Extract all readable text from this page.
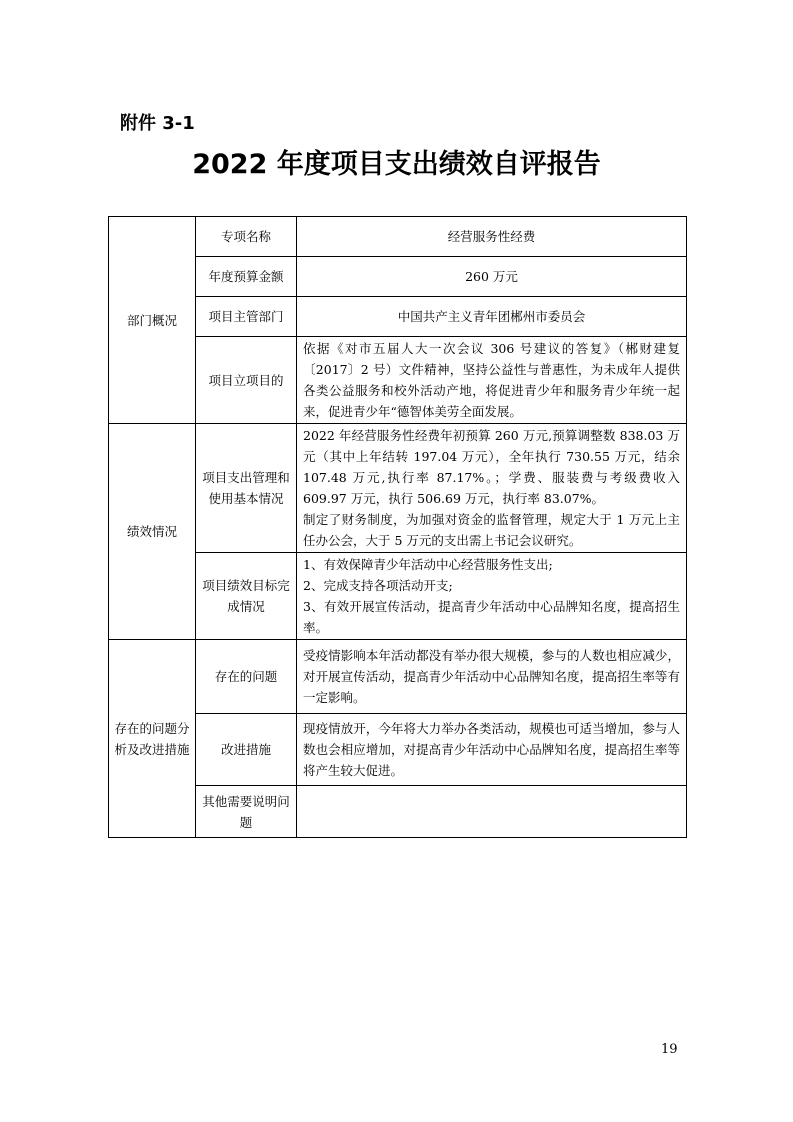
附件 3-1
2022 年度项目支出绩效自评报告
部门概况	专项名称	经营服务性经费
	年度预算金额	260 万元
	项目主管部门	中国共产主义青年团郴州市委员会
	项目立项目的	依据《对市五届人大一次会议 306 号建议的答复》（郴财建复〔2017〕2 号）文件精神，坚持公益性与普惠性，为未成年人提供各类公益服务和校外活动产地，将促进青少年和服务青少年统一起来，促进青少年“德智体美劳全面发展。
绩效情况	项目支出管理和使用基本情况	2022 年经营服务性经费年初预算 260 万元,预算调整数 838.03 万元（其中上年结转 197.04 万元），全年执行 730.55 万元，结余 107.48 万元,执行率 87.17%。；学费、服装费与考级费收入 609.97 万元，执行 506.69 万元，执行率 83.07%。
制定了财务制度，为加强对资金的监督管理，规定大于 1 万元上主任办公会，大于 5 万元的支出需上书记会议研究。

	项目绩效目标完成情况	1、有效保障青少年活动中心经营服务性支出;
2、完成支持各项活动开支;
3、有效开展宣传活动，提高青少年活动中心品牌知名度，提高招生率。

存在的问题分析及改进措施	存在的问题	受疫情影响本年活动都没有举办很大规模，参与的人数也相应减少，对开展宣传活动，提高青少年活动中心品牌知名度，提高招生率等有一定影响。
	改进措施	现疫情放开，今年将大力举办各类活动，规模也可适当增加，参与人数也会相应增加，对提高青少年活动中心品牌知名度，提高招生率等将产生较大促进。
	其他需要说明问题	
19
